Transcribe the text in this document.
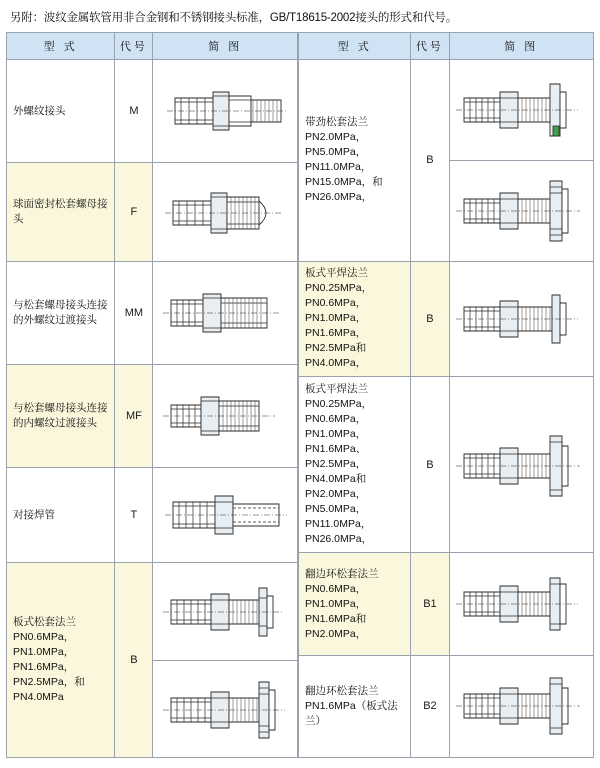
另附：波纹金属软管用非合金钢和不锈钢接头标准，GB/T18615-2002接头的形式和代号。
型 式	代号	简 图
外螺纹接头	M	

球面密封松套螺母接头	F	

与松套螺母接头连接的外螺纹过渡接头	MM	

与松套螺母接头连接的内螺纹过渡接头	MF	

对接焊管	T	

板式松套法兰
PN0.6MPa，PN1.0MPa，PN1.6MPa，PN2.5MPa，和PN4.0MPa	B	

型 式	代号	简 图
带劲松套法兰
PN2.0MPa，PN5.0MPa，PN11.0MPa，PN15.0MPa，和PN26.0MPa，	B	

板式平焊法兰
PN0.25MPa，PN0.6MPa，PN1.0MPa，PN1.6MPa，PN2.5MPa和PN4.0MPa，	B	

板式平焊法兰
PN0.25MPa，PN0.6MPa，PN1.0MPa，PN1.6MPa、PN2.5MPa，PN4.0MPa和PN2.0MPa，PN5.0MPa，PN11.0MPa，PN26.0MPa，	B	

翻边环松套法兰
PN0.6MPa，PN1.0MPa，PN1.6MPa和PN2.0MPa，	B1	

翻边环松套法兰
PN1.6MPa（板式法兰）	B2	
